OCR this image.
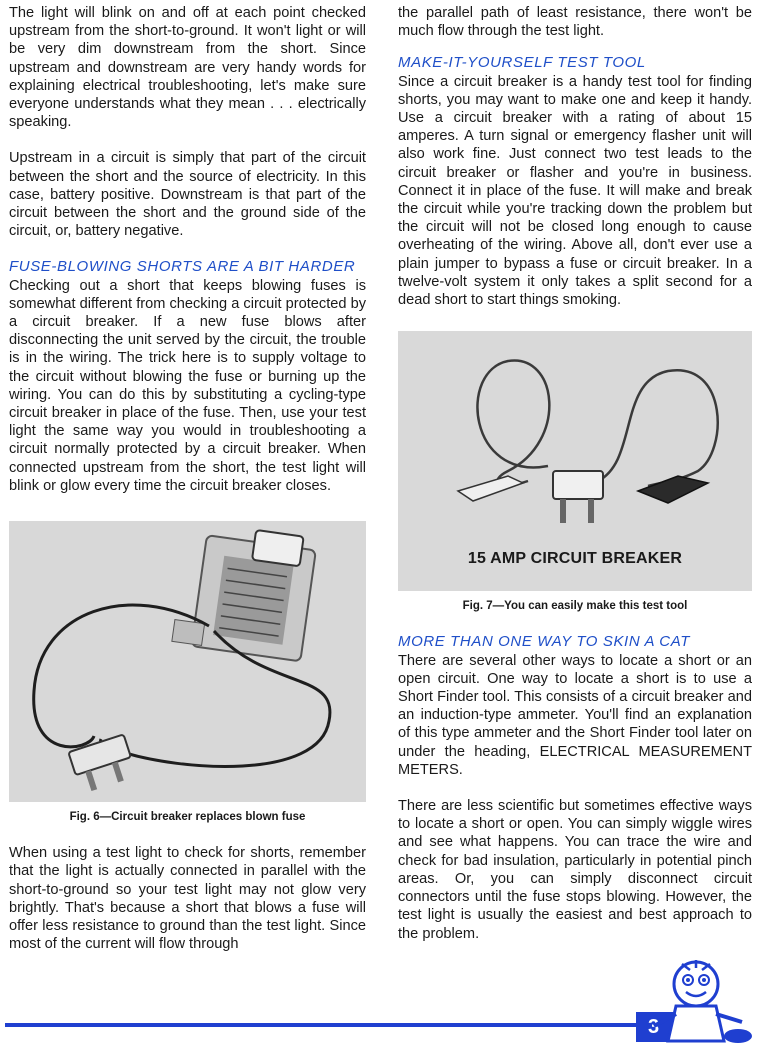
The light will blink on and off at each point checked upstream from the short-to-ground. It won't light or will be very dim downstream from the short. Since upstream and downstream are very handy words for explaining electrical troubleshooting, let's make sure everyone understands what they mean . . . electrically speaking.

Upstream in a circuit is simply that part of the circuit between the short and the source of electricity. In this case, battery positive. Downstream is that part of the circuit between the short and the ground side of the circuit, or, battery negative.

FUSE-BLOWING SHORTS ARE A BIT HARDER

Checking out a short that keeps blowing fuses is somewhat different from checking a circuit protected by a circuit breaker. If a new fuse blows after disconnecting the unit served by the circuit, the trouble is in the wiring. The trick here is to supply voltage to the circuit without blowing the fuse or burning up the wiring. You can do this by substituting a cycling-type circuit breaker in place of the fuse. Then, use your test light the same way you would in troubleshooting a circuit normally protected by a circuit breaker. When connected upstream from the short, the test light will blink or glow every time the circuit breaker closes.

Fig. 6—Circuit breaker replaces blown fuse

When using a test light to check for shorts, remember that the light is actually connected in parallel with the short-to-ground so your test light may not glow very brightly. That's because a short that blows a fuse will offer less resistance to ground than the test light. Since most of the current will flow through

the parallel path of least resistance, there won't be much flow through the test light.

MAKE-IT-YOURSELF TEST TOOL

Since a circuit breaker is a handy test tool for finding shorts, you may want to make one and keep it handy. Use a circuit breaker with a rating of about 15 amperes. A turn signal or emergency flasher unit will also work fine. Just connect two test leads to the circuit breaker or flasher and you're in business. Connect it in place of the fuse. It will make and break the circuit while you're tracking down the problem but the circuit will not be closed long enough to cause overheating of the wiring. Above all, don't ever use a plain jumper to bypass a fuse or circuit breaker. In a twelve-volt system it only takes a split second for a dead short to start things smoking.

15 AMP CIRCUIT BREAKER
Fig. 7—You can easily make this test tool
MORE THAN ONE WAY TO SKIN A CAT

There are several other ways to locate a short or an open circuit. One way to locate a short is to use a Short Finder tool. This consists of a circuit breaker and an induction-type ammeter. You'll find an explanation of this type ammeter and the Short Finder tool later on under the heading, ELECTRICAL MEASUREMENT METERS.

There are less scientific but sometimes effective ways to locate a short or open. You can simply wiggle wires and see what happens. You can trace the wire and check for bad insulation, particularly in potential pinch areas. Or, you can simply disconnect circuit connectors until the fuse stops blowing. However, the test light is usually the easiest and best approach to the problem.

3
